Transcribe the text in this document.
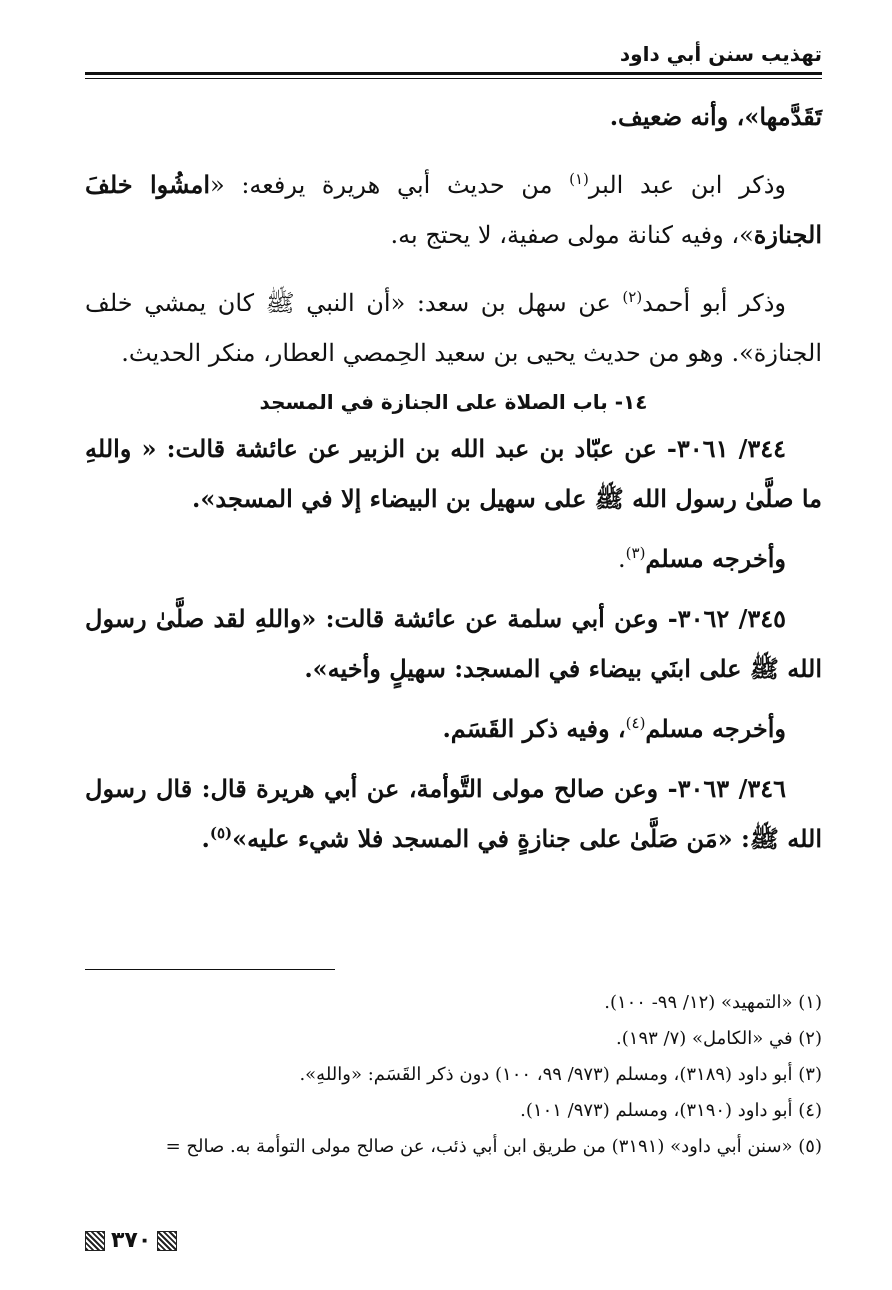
تهذيب سنن أبي داود

تَقَدَّمها»، وأنه ضعيف.

وذكر ابن عبد البر$^{(١)}$ من حديث أبي هريرة يرفعه: «امشُوا خلفَ الجنازة»، وفيه كنانة مولى صفية، لا يحتج به.

وذكر أبو أحمد$^{(٢)}$ عن سهل بن سعد: «أن النبي ﷺ كان يمشي خلف الجنازة». وهو من حديث يحيى بن سعيد الحِمصي العطار، منكر الحديث.

١٤- باب الصلاة على الجنازة في المسجد

٣٤٤/ ٣٠٦١- عن عبّاد بن عبد الله بن الزبير عن عائشة قالت: « واللهِ ما صلَّىٰ رسول الله ﷺ على سهيل بن البيضاء إلا في المسجد».

وأخرجه مسلم$^{(٣)}$.

٣٤٥/ ٣٠٦٢- وعن أبي سلمة عن عائشة قالت: «واللهِ لقد صلَّىٰ رسول الله ﷺ على ابنَي بيضاء في المسجد: سهيلٍ وأخيه».

وأخرجه مسلم$^{(٤)}$، وفيه ذكر القَسَم.

٣٤٦/ ٣٠٦٣- وعن صالح مولى التَّوأمة، عن أبي هريرة قال: قال رسول الله ﷺ: «مَن صَلَّىٰ على جنازةٍ في المسجد فلا شيء عليه»$^{(٥)}$.

(١) «التمهيد» (١٢/ ٩٩- ١٠٠).

(٢) في «الكامل» (٧/ ١٩٣).

(٣) أبو داود (٣١٨٩)، ومسلم (٩٧٣/ ٩٩، ١٠٠) دون ذكر القَسَم: «واللهِ».

(٤) أبو داود (٣١٩٠)، ومسلم (٩٧٣/ ١٠١).

(٥) «سنن أبي داود» (٣١٩١) من طريق ابن أبي ذئب، عن صالح مولى التوأمة به. صالح =

٣٧٠
